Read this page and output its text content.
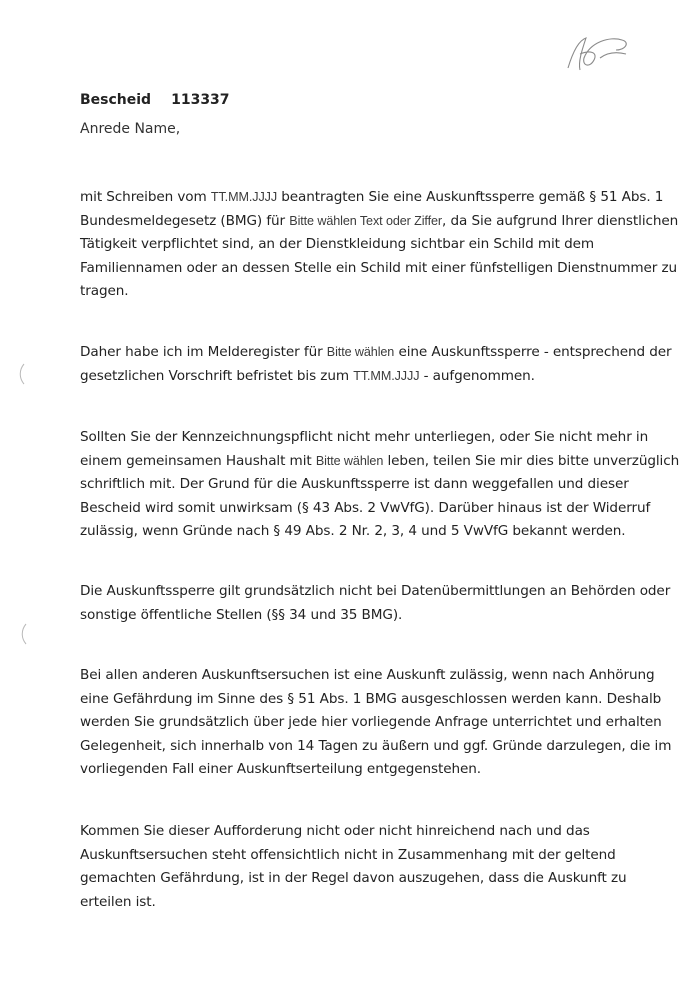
Bescheid 113337
Anrede Name,
mit Schreiben vom TT.MM.JJJJ beantragten Sie eine Auskunftssperre gemäß § 51 Abs. 1 Bundesmeldegesetz (BMG) für Bitte wählen Text oder Ziffer, da Sie aufgrund Ihrer dienstlichen Tätigkeit verpflichtet sind, an der Dienstkleidung sichtbar ein Schild mit dem Familiennamen oder an dessen Stelle ein Schild mit einer fünfstelligen Dienstnummer zu tragen.
Daher habe ich im Melderegister für Bitte wählen eine Auskunftssperre - entsprechend der gesetzlichen Vorschrift befristet bis zum TT.MM.JJJJ - aufgenommen.
Sollten Sie der Kennzeichnungspflicht nicht mehr unterliegen, oder Sie nicht mehr in einem gemeinsamen Haushalt mit Bitte wählen leben, teilen Sie mir dies bitte unverzüglich schriftlich mit. Der Grund für die Auskunftssperre ist dann weggefallen und dieser Bescheid wird somit unwirksam (§ 43 Abs. 2 VwVfG). Darüber hinaus ist der Widerruf zulässig, wenn Gründe nach § 49 Abs. 2 Nr. 2, 3, 4 und 5 VwVfG bekannt werden.
Die Auskunftssperre gilt grundsätzlich nicht bei Datenübermittlungen an Behörden oder sonstige öffentliche Stellen (§§ 34 und 35 BMG).
Bei allen anderen Auskunftsersuchen ist eine Auskunft zulässig, wenn nach Anhörung eine Gefährdung im Sinne des § 51 Abs. 1 BMG ausgeschlossen werden kann. Deshalb werden Sie grundsätzlich über jede hier vorliegende Anfrage unterrichtet und erhalten Gelegenheit, sich innerhalb von 14 Tagen zu äußern und ggf. Gründe darzulegen, die im vorliegenden Fall einer Auskunftserteilung entgegenstehen.
Kommen Sie dieser Aufforderung nicht oder nicht hinreichend nach und das Auskunftsersuchen steht offensichtlich nicht in Zusammenhang mit der geltend gemachten Gefährdung, ist in der Regel davon auszugehen, dass die Auskunft zu erteilen ist.
